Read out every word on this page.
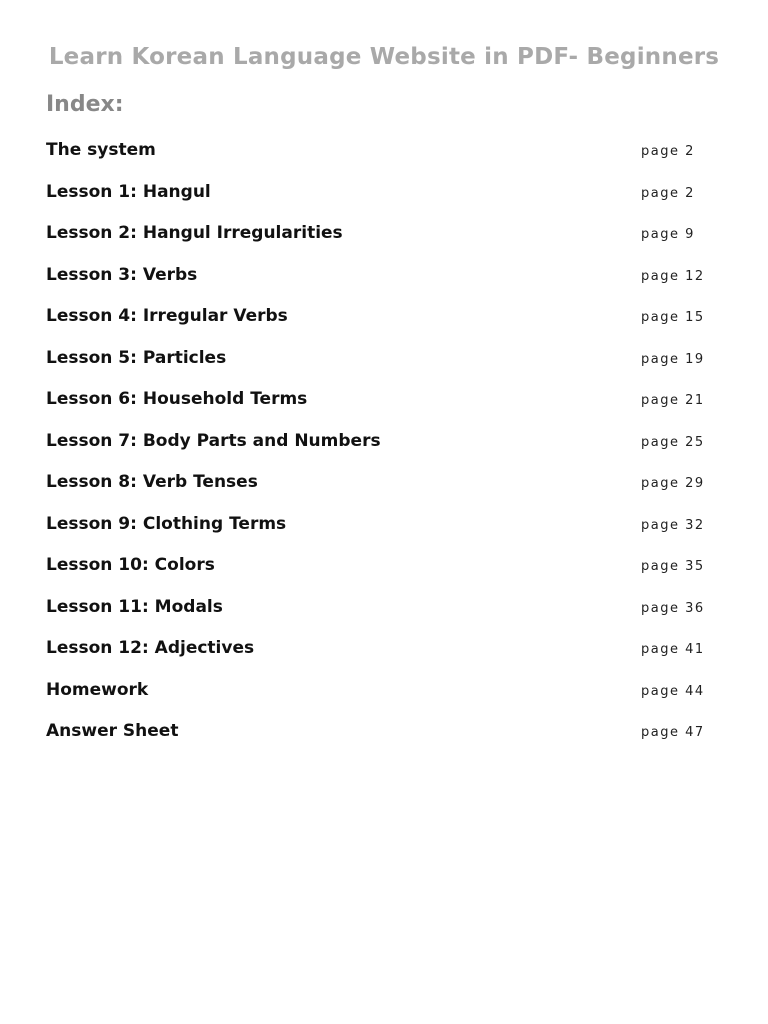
Learn Korean Language Website in PDF- Beginners
Index:
The system	page 2
Lesson 1: Hangul	page 2
Lesson 2: Hangul Irregularities	page 9
Lesson 3: Verbs	page 12
Lesson 4: Irregular Verbs	page 15
Lesson 5: Particles	page 19
Lesson 6: Household Terms	page 21
Lesson 7: Body Parts and Numbers	page 25
Lesson 8: Verb Tenses	page 29
Lesson 9: Clothing Terms	page 32
Lesson 10: Colors	page 35
Lesson 11: Modals	page 36
Lesson 12: Adjectives	page 41
Homework	page 44
Answer Sheet	page 47
